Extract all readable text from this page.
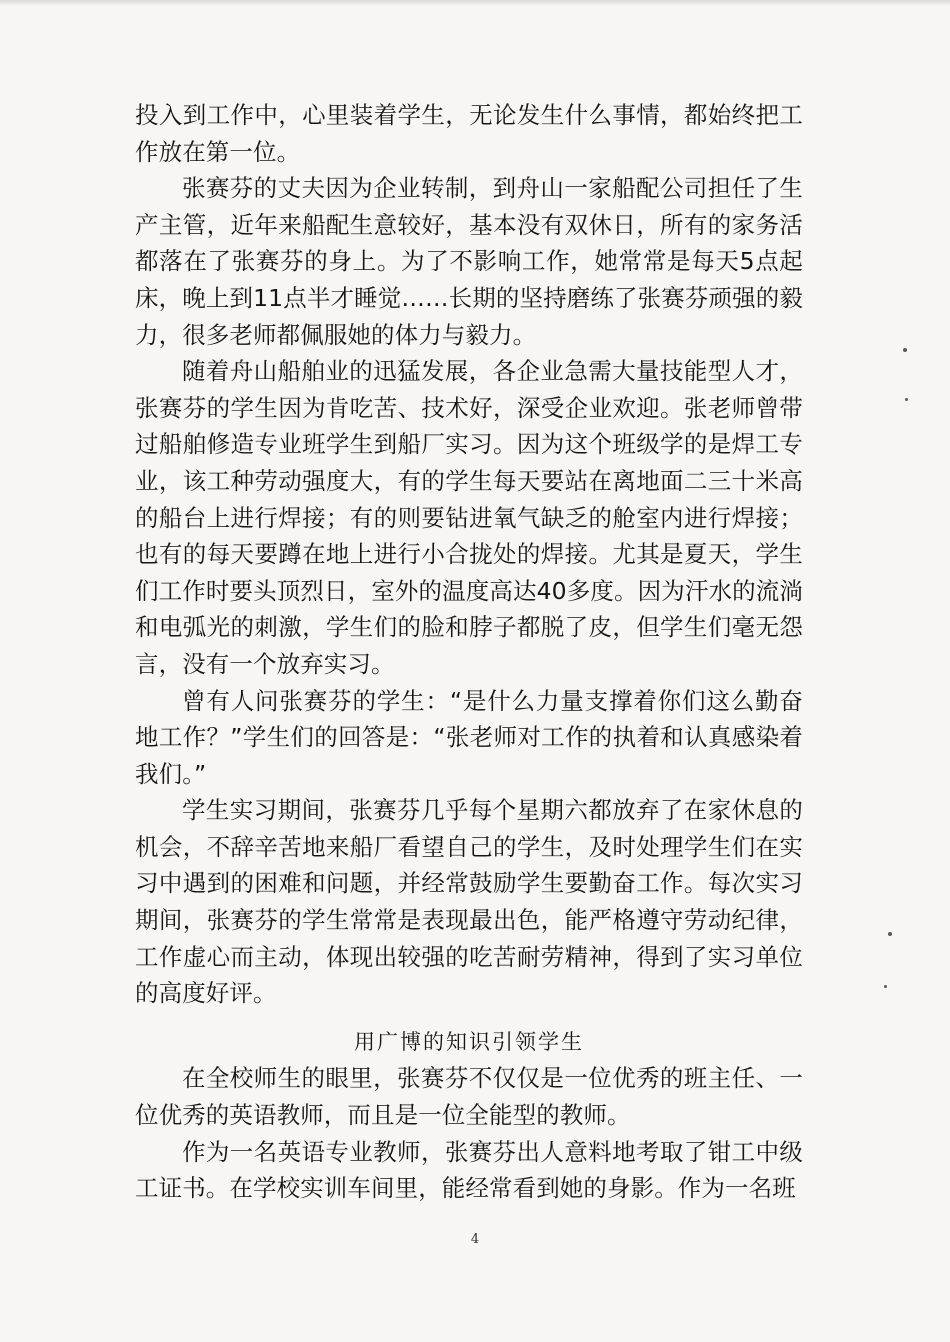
投入到工作中，心里装着学生，无论发生什么事情，都始终把工作放在第一位。

张赛芬的丈夫因为企业转制，到舟山一家船配公司担任了生产主管，近年来船配生意较好，基本没有双休日，所有的家务活都落在了张赛芬的身上。为了不影响工作，她常常是每天5点起床，晚上到11点半才睡觉……长期的坚持磨练了张赛芬顽强的毅力，很多老师都佩服她的体力与毅力。

随着舟山船舶业的迅猛发展，各企业急需大量技能型人才，张赛芬的学生因为肯吃苦、技术好，深受企业欢迎。张老师曾带过船舶修造专业班学生到船厂实习。因为这个班级学的是焊工专业，该工种劳动强度大，有的学生每天要站在离地面二三十米高的船台上进行焊接；有的则要钻进氧气缺乏的舱室内进行焊接；也有的每天要蹲在地上进行小合拢处的焊接。尤其是夏天，学生们工作时要头顶烈日，室外的温度高达40多度。因为汗水的流淌和电弧光的刺激，学生们的脸和脖子都脱了皮，但学生们毫无怨言，没有一个放弃实习。

曾有人问张赛芬的学生：“是什么力量支撑着你们这么勤奋地工作？”学生们的回答是：“张老师对工作的执着和认真感染着我们。”

学生实习期间，张赛芬几乎每个星期六都放弃了在家休息的机会，不辞辛苦地来船厂看望自己的学生，及时处理学生们在实习中遇到的困难和问题，并经常鼓励学生要勤奋工作。每次实习期间，张赛芬的学生常常是表现最出色，能严格遵守劳动纪律，工作虚心而主动，体现出较强的吃苦耐劳精神，得到了实习单位的高度好评。

用广博的知识引领学生

在全校师生的眼里，张赛芬不仅仅是一位优秀的班主任、一位优秀的英语教师，而且是一位全能型的教师。

作为一名英语专业教师，张赛芬出人意料地考取了钳工中级工证书。在学校实训车间里，能经常看到她的身影。作为一名班

4
